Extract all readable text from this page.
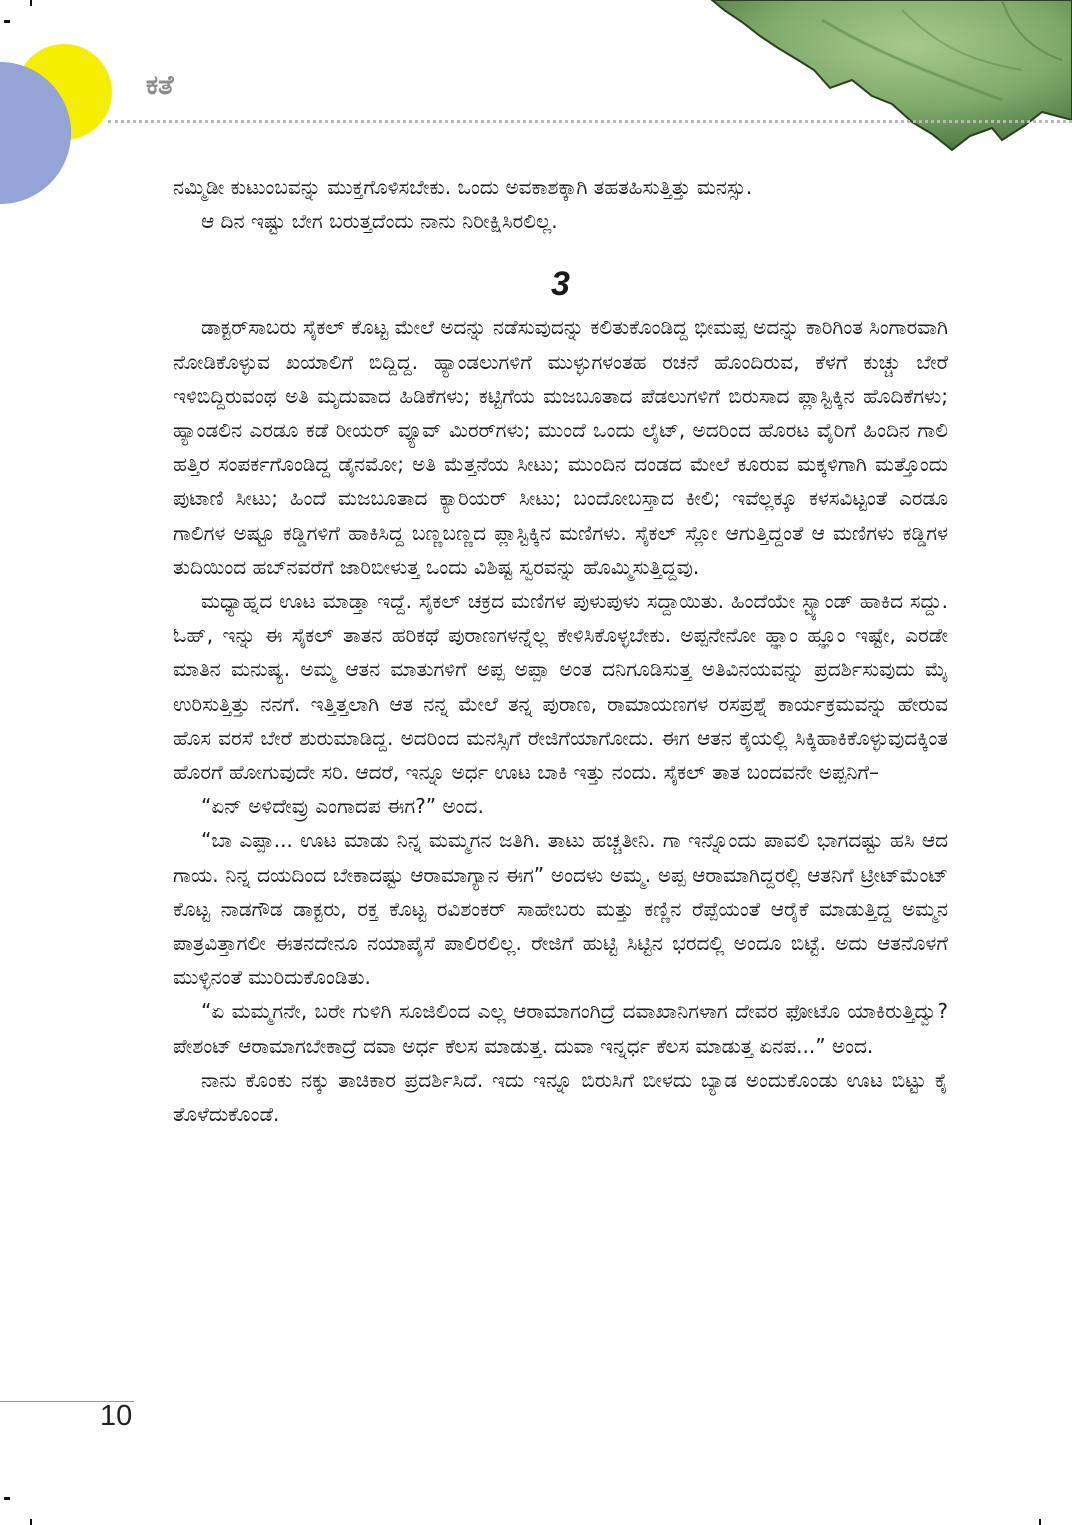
ಕತೆ

ನಮ್ಮಿಡೀ ಕುಟುಂಬವನ್ನು ಮುಕ್ತಗೊಳಿಸಬೇಕು. ಒಂದು ಅವಕಾಶಕ್ಕಾಗಿ ತಹತಹಿಸುತ್ತಿತ್ತು ಮನಸ್ಸು.

ಆ ದಿನ ಇಷ್ಟು ಬೇಗ ಬರುತ್ತದೆಂದು ನಾನು ನಿರೀಕ್ಷಿಸಿರಲಿಲ್ಲ.

3

ಡಾಕ್ಟರ್‌ಸಾಬರು ಸೈಕಲ್ ಕೊಟ್ಟ ಮೇಲೆ ಅದನ್ನು ನಡೆಸುವುದನ್ನು ಕಲಿತುಕೊಂಡಿದ್ದ ಭೀಮಪ್ಪ ಅದನ್ನು ಕಾರಿಗಿಂತ ಸಿಂಗಾರವಾಗಿ ನೋಡಿಕೊಳ್ಳುವ ಖಯಾಲಿಗೆ ಬಿದ್ದಿದ್ದ. ಹ್ಯಾಂಡಲುಗಳಿಗೆ ಮುಳ್ಳುಗಳಂತಹ ರಚನೆ ಹೊಂದಿರುವ, ಕೆಳಗೆ ಕುಚ್ಚು ಬೇರೆ ಇಳಿಬಿದ್ದಿರುವಂಥ ಅತಿ ಮೃದುವಾದ ಹಿಡಿಕೆಗಳು; ಕಟ್ಟಿಗೆಯ ಮಜಬೂತಾದ ಪೆಡಲುಗಳಿಗೆ ಬಿರುಸಾದ ಪ್ಲಾಸ್ಟಿಕ್ಕಿನ ಹೊದಿಕೆಗಳು; ಹ್ಯಾಂಡಲಿನ ಎರಡೂ ಕಡೆ ರೀಯರ್ ವ್ಯೂವ್ ಮಿರರ್‌ಗಳು; ಮುಂದೆ ಒಂದು ಲೈಟ್, ಅದರಿಂದ ಹೊರಟ ವೈರಿಗೆ ಹಿಂದಿನ ಗಾಲಿ ಹತ್ತಿರ ಸಂಪರ್ಕಗೊಂಡಿದ್ದ ಡೈನಮೋ; ಅತಿ ಮೆತ್ತನೆಯ ಸೀಟು; ಮುಂದಿನ ದಂಡದ ಮೇಲೆ ಕೂರುವ ಮಕ್ಕಳಿಗಾಗಿ ಮತ್ತೊಂದು ಪುಟಾಣಿ ಸೀಟು; ಹಿಂದೆ ಮಜಬೂತಾದ ಕ್ಯಾರಿಯರ್ ಸೀಟು; ಬಂದೋಬಸ್ತಾದ ಕೀಲಿ; ಇವೆಲ್ಲಕ್ಕೂ ಕಳಸವಿಟ್ಟಂತೆ ಎರಡೂ ಗಾಲಿಗಳ ಅಷ್ಟೂ ಕಡ್ಡಿಗಳಿಗೆ ಹಾಕಿಸಿದ್ದ ಬಣ್ಣಬಣ್ಣದ ಪ್ಲಾಸ್ಟಿಕ್ಕಿನ ಮಣಿಗಳು. ಸೈಕಲ್ ಸ್ಲೋ ಆಗುತ್ತಿದ್ದಂತೆ ಆ ಮಣಿಗಳು ಕಡ್ಡಿಗಳ ತುದಿಯಿಂದ ಹಬ್‌ನವರೆಗೆ ಜಾರಿಬೀಳುತ್ತ ಒಂದು ವಿಶಿಷ್ಟ ಸ್ವರವನ್ನು ಹೊಮ್ಮಿಸುತ್ತಿದ್ದವು.

ಮಧ್ಯಾಹ್ನದ ಊಟ ಮಾಡ್ತಾ ಇದ್ದೆ. ಸೈಕಲ್ ಚಕ್ರದ ಮಣಿಗಳ ಪುಳುಪುಳು ಸದ್ದಾಯಿತು. ಹಿಂದೆಯೇ ಸ್ಟ್ಯಾಂಡ್ ಹಾಕಿದ ಸದ್ದು. ಓಹ್, ಇನ್ನು ಈ ಸೈಕಲ್ ತಾತನ ಹರಿಕಥೆ ಪುರಾಣಗಳನ್ನೆಲ್ಲ ಕೇಳಿಸಿಕೊಳ್ಳಬೇಕು. ಅಪ್ಪನೇನೋ ಹ್ಞಾಂ ಹ್ಞೂಂ ಇಷ್ಟೇ, ಎರಡೇ ಮಾತಿನ ಮನುಷ್ಯ. ಅಮ್ಮ ಆತನ ಮಾತುಗಳಿಗೆ ಅಪ್ಪ ಅಪ್ಪಾ ಅಂತ ದನಿಗೂಡಿಸುತ್ತ ಅತಿವಿನಯವನ್ನು ಪ್ರದರ್ಶಿಸುವುದು ಮೈ ಉರಿಸುತ್ತಿತ್ತು ನನಗೆ. ಇತ್ತಿತ್ತಲಾಗಿ ಆತ ನನ್ನ ಮೇಲೆ ತನ್ನ ಪುರಾಣ, ರಾಮಾಯಣಗಳ ರಸಪ್ರಶ್ನೆ ಕಾರ್ಯಕ್ರಮವನ್ನು ಹೇರುವ ಹೊಸ ವರಸೆ ಬೇರೆ ಶುರುಮಾಡಿದ್ದ. ಅದರಿಂದ ಮನಸ್ಸಿಗೆ ರೇಜಿಗೆಯಾಗೋದು. ಈಗ ಆತನ ಕೈಯಲ್ಲಿ ಸಿಕ್ಕಿಹಾಕಿಕೊಳ್ಳುವುದಕ್ಕಿಂತ ಹೊರಗೆ ಹೋಗುವುದೇ ಸರಿ. ಆದರೆ, ಇನ್ನೂ ಅರ್ಧ ಊಟ ಬಾಕಿ ಇತ್ತು ನಂದು. ಸೈಕಲ್ ತಾತ ಬಂದವನೇ ಅಪ್ಪನಿಗೆ–

“ಏನ್ ಅಳಿದೇವ್ರು ಎಂಗಾದಪ ಈಗ?” ಅಂದ.

“ಬಾ ಎಪ್ಪಾ... ಊಟ ಮಾಡು ನಿನ್ನ ಮಮ್ಮಗನ ಜತಿಗಿ. ತಾಟು ಹಚ್ಚತೀನಿ. ಗಾ ಇನ್ನೊಂದು ಪಾವಲಿ ಭಾಗದಷ್ಟು ಹಸಿ ಆದ ಗಾಯ. ನಿನ್ನ ದಯದಿಂದ ಬೇಕಾದಷ್ಟು ಆರಾಮಾಗ್ಯಾನ ಈಗ” ಅಂದಳು ಅಮ್ಮ. ಅಪ್ಪ ಆರಾಮಾಗಿದ್ದರಲ್ಲಿ ಆತನಿಗೆ ಟ್ರೀಟ್‌ಮೆಂಟ್ ಕೊಟ್ಟ ನಾಡಗೌಡ ಡಾಕ್ಟರು, ರಕ್ತ ಕೊಟ್ಟ ರವಿಶಂಕರ್ ಸಾಹೇಬರು ಮತ್ತು ಕಣ್ಣಿನ ರೆಪ್ಪೆಯಂತೆ ಆರೈಕೆ ಮಾಡುತ್ತಿದ್ದ ಅಮ್ಮನ ಪಾತ್ರವಿತ್ತಾಗಲೀ ಈತನದೇನೂ ನಯಾಪೈಸೆ ಪಾಲಿರಲಿಲ್ಲ. ರೇಜಿಗೆ ಹುಟ್ಟಿ ಸಿಟ್ಟಿನ ಭರದಲ್ಲಿ ಅಂದೂ ಬಿಟ್ಟೆ. ಅದು ಆತನೊಳಗೆ ಮುಳ್ಳಿನಂತೆ ಮುರಿದುಕೊಂಡಿತು.

“ಏ ಮಮ್ಮಗನೇ, ಬರೇ ಗುಳಿಗಿ ಸೂಜಿಲಿಂದ ಎಲ್ಲ ಆರಾಮಾಗಂಗಿದ್ರೆ ದವಾಖಾನಿಗಳಾಗ ದೇವರ ಫೋಟೊ ಯಾಕಿರುತ್ತಿದ್ವು? ಪೇಶಂಟ್ ಆರಾಮಾಗಬೇಕಾದ್ರೆ ದವಾ ಅರ್ಧ ಕೆಲಸ ಮಾಡುತ್ತ. ದುವಾ ಇನ್ನರ್ಧ ಕೆಲಸ ಮಾಡುತ್ತ ಏನಪ...” ಅಂದ.

ನಾನು ಕೊಂಕು ನಕ್ಕು ತಾಚಿಕಾರ ಪ್ರದರ್ಶಿಸಿದೆ. ಇದು ಇನ್ನೂ ಬಿರುಸಿಗೆ ಬೀಳದು ಬ್ಯಾಡ ಅಂದುಕೊಂಡು ಊಟ ಬಿಟ್ಟು ಕೈ ತೊಳೆದುಕೊಂಡೆ.

10
